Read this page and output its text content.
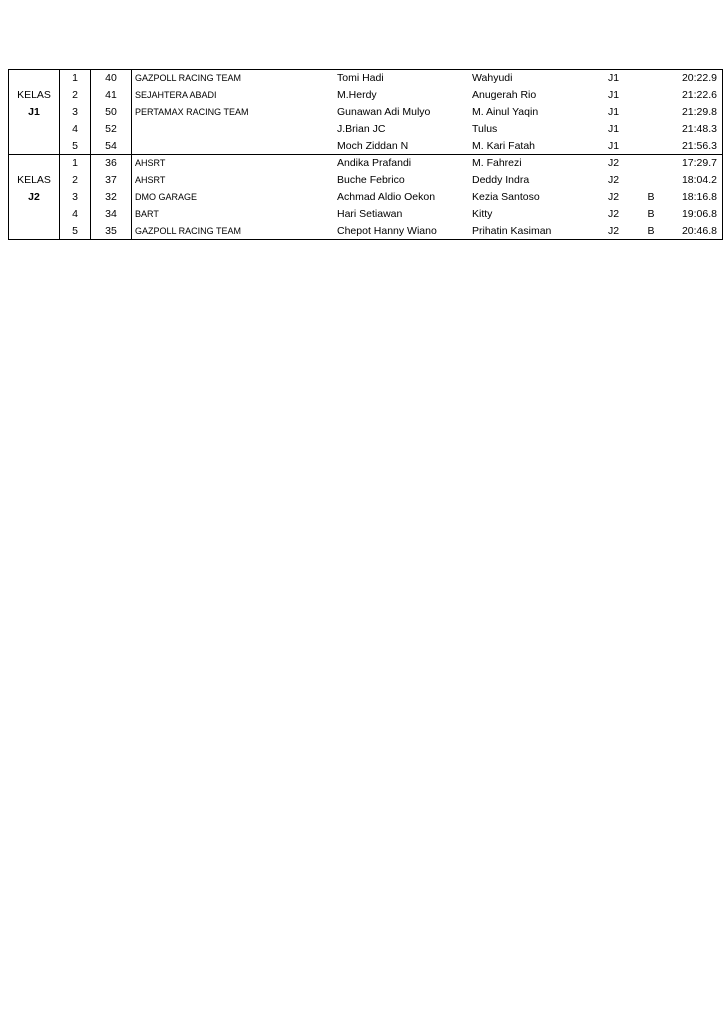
	1	40	GAZPOLL RACING TEAM	Tomi Hadi	Wahyudi	J1		20:22.9
KELAS	2	41	SEJAHTERA ABADI	M.Herdy	Anugerah Rio	J1		21:22.6
J1	3	50	PERTAMAX RACING TEAM	Gunawan Adi Mulyo	M. Ainul Yaqin	J1		21:29.8
	4	52		J.Brian JC	Tulus	J1		21:48.3
	5	54		Moch Ziddan N	M. Kari Fatah	J1		21:56.3
	1	36	AHSRT	Andika Prafandi	M. Fahrezi	J2		17:29.7
KELAS	2	37	AHSRT	Buche Febrico	Deddy Indra	J2		18:04.2
J2	3	32	DMO GARAGE	Achmad Aldio Oekon	Kezia Santoso	J2	B	18:16.8
	4	34	BART	Hari Setiawan	Kitty	J2	B	19:06.8
	5	35	GAZPOLL RACING TEAM	Chepot Hanny Wiano	Prihatin Kasiman	J2	B	20:46.8
